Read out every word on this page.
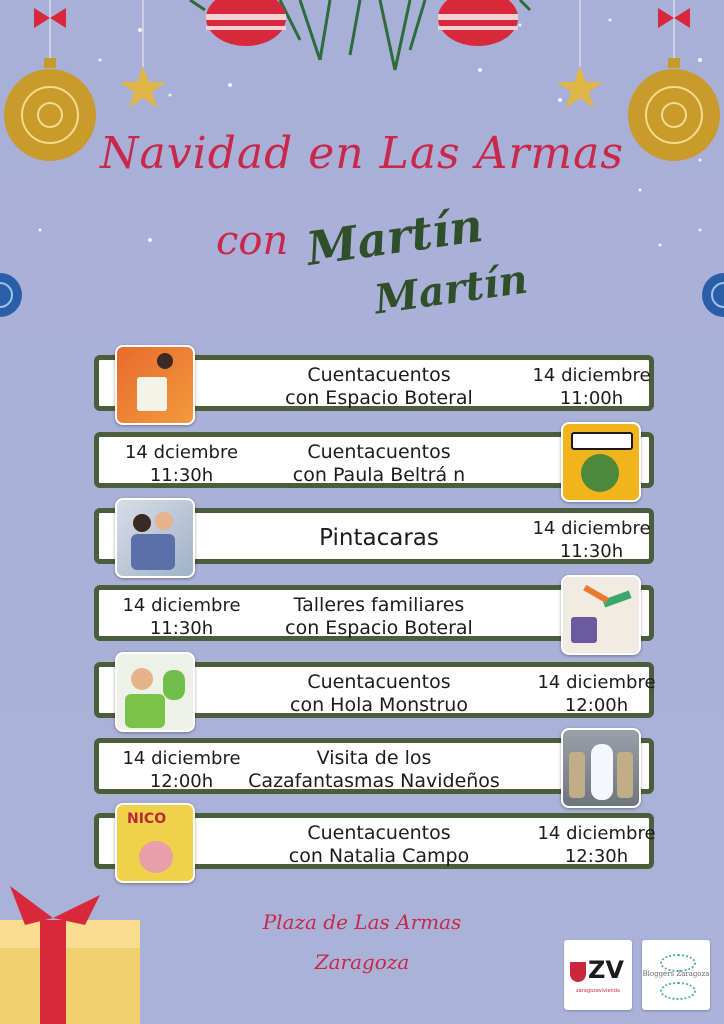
Navidad en Las Armas
con Martín
Martín
Cuentacuentos
con Espacio Boteral
14 diciembre
11:00h
14 dciembre
11:30h
Cuentacuentos
con Paula Beltrá n
Pintacaras	14 diciembre
11:30h
14 diciembre
11:30h
Talleres familiares
con Espacio Boteral
Cuentacuentos
con Hola Monstruo
14 diciembre
12:00h
14 diciembre
12:00h
Visita de los
Cazafantasmas Navideños
NICO
Cuentacuentos
con Natalia Campo
14 diciembre
12:30h
Plaza de Las Armas
Zaragoza	ZV
zaragozavivienda
Bloggers Zaragoza
